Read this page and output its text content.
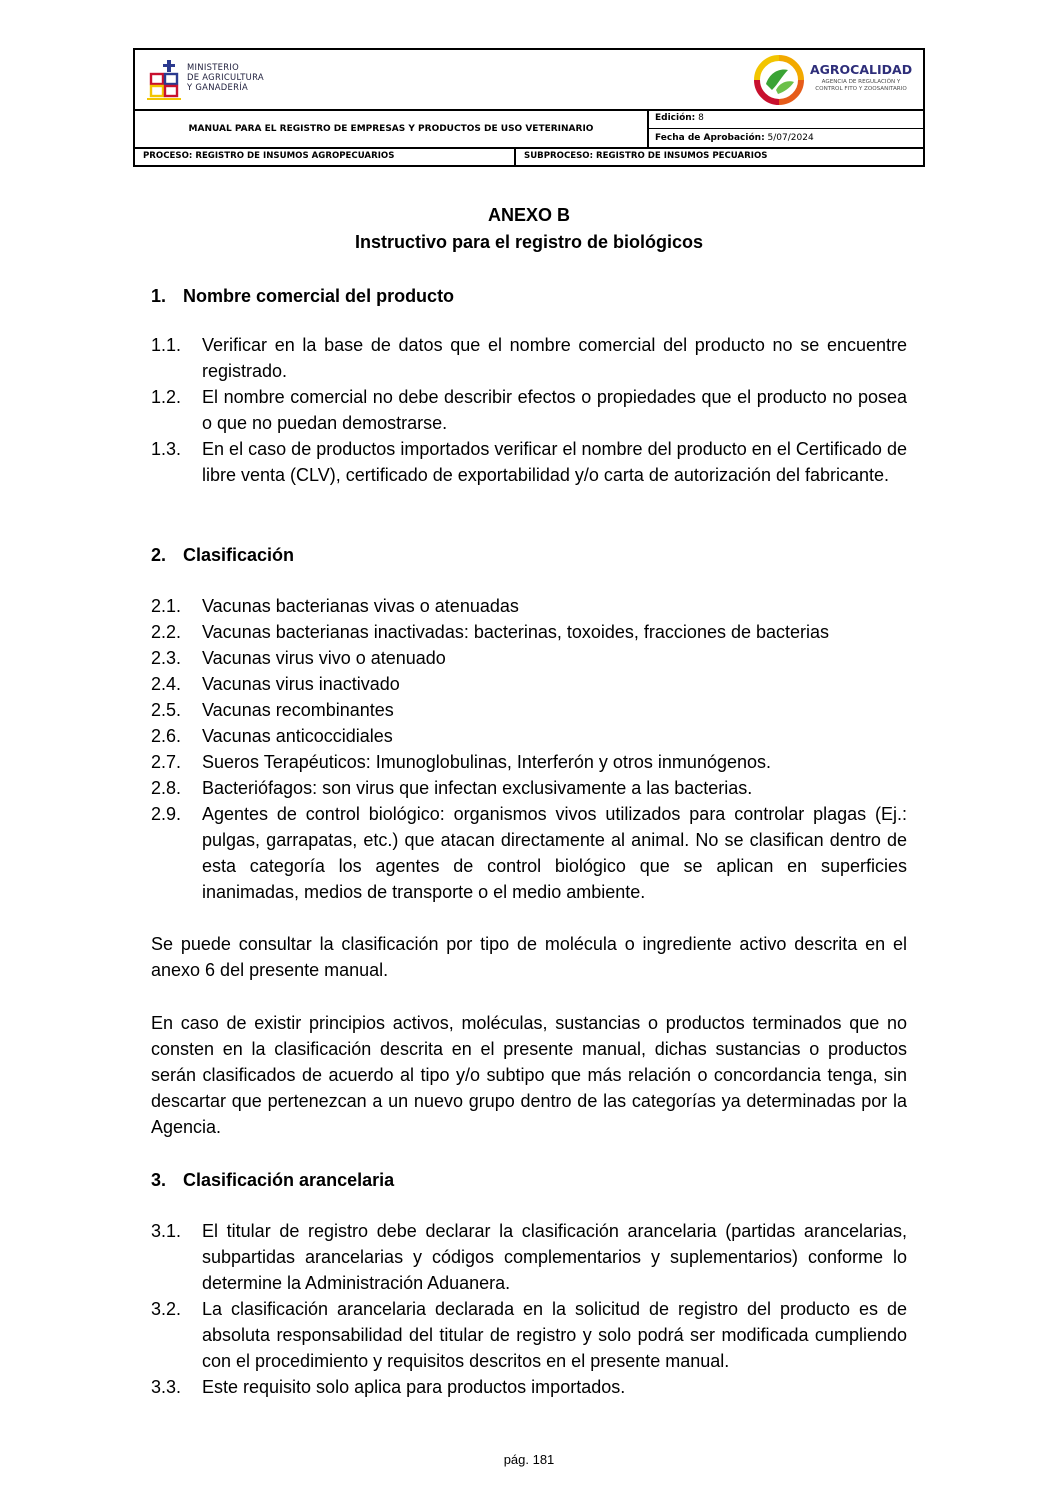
MINISTERIO
DE AGRICULTURA
Y GANADERÍA
AGROCALIDAD
AGENCIA DE REGULACIÓN Y
CONTROL FITO Y ZOOSANITARIO
MANUAL PARA EL REGISTRO DE EMPRESAS Y PRODUCTOS DE USO VETERINARIO
Edición: 8
Fecha de Aprobación: 5/07/2024
PROCESO: REGISTRO DE INSUMOS AGROPECUARIOS	SUBPROCESO: REGISTRO DE INSUMOS PECUARIOS
ANEXO B
Instructivo para el registro de biológicos
1. Nombre comercial del producto
1.1. Verificar en la base de datos que el nombre comercial del producto no se encuentre registrado.
1.2. El nombre comercial no debe describir efectos o propiedades que el producto no posea o que no puedan demostrarse.
1.3. En el caso de productos importados verificar el nombre del producto en el Certificado de libre venta (CLV), certificado de exportabilidad y/o carta de autorización del fabricante.
2. Clasificación
2.1. Vacunas bacterianas vivas o atenuadas
2.2. Vacunas bacterianas inactivadas: bacterinas, toxoides, fracciones de bacterias
2.3. Vacunas virus vivo o atenuado
2.4. Vacunas virus inactivado
2.5. Vacunas recombinantes
2.6. Vacunas anticoccidiales
2.7. Sueros Terapéuticos: Imunoglobulinas, Interferón y otros inmunógenos.
2.8. Bacteriófagos: son virus que infectan exclusivamente a las bacterias.
2.9. Agentes de control biológico: organismos vivos utilizados para controlar plagas (Ej.: pulgas, garrapatas, etc.) que atacan directamente al animal. No se clasifican dentro de esta categoría los agentes de control biológico que se aplican en superficies inanimadas, medios de transporte o el medio ambiente.
Se puede consultar la clasificación por tipo de molécula o ingrediente activo descrita en el anexo 6 del presente manual.
En caso de existir principios activos, moléculas, sustancias o productos terminados que no consten en la clasificación descrita en el presente manual, dichas sustancias o productos serán clasificados de acuerdo al tipo y/o subtipo que más relación o concordancia tenga, sin descartar que pertenezcan a un nuevo grupo dentro de las categorías ya determinadas por la Agencia.
3. Clasificación arancelaria
3.1. El titular de registro debe declarar la clasificación arancelaria (partidas arancelarias, subpartidas arancelarias y códigos complementarios y suplementarios) conforme lo determine la Administración Aduanera.
3.2. La clasificación arancelaria declarada en la solicitud de registro del producto es de absoluta responsabilidad del titular de registro y solo podrá ser modificada cumpliendo con el procedimiento y requisitos descritos en el presente manual.
3.3. Este requisito solo aplica para productos importados.
pág. 181
